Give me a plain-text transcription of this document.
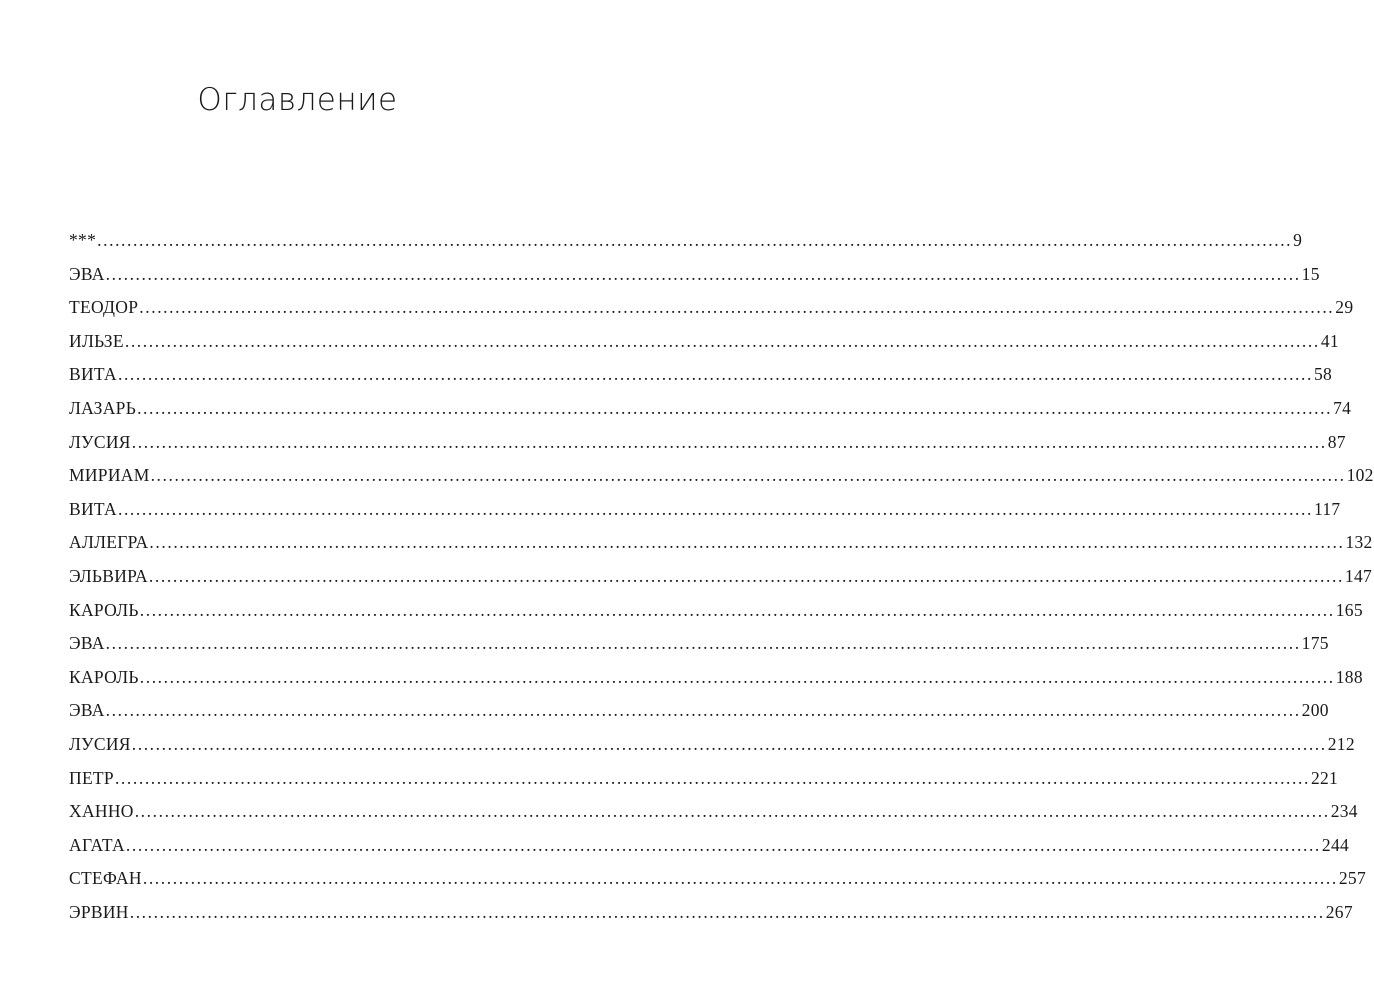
Оглавление
*** ........................................................................................................................................................................................................ 9
ЭВА ........................................................................................................................................................................................................ 15
ТЕОДОР ........................................................................................................................................................................................................ 29
ИЛЬЗЕ ........................................................................................................................................................................................................ 41
ВИТА ........................................................................................................................................................................................................ 58
ЛАЗАРЬ ........................................................................................................................................................................................................ 74
ЛУСИЯ ........................................................................................................................................................................................................ 87
МИРИАМ ........................................................................................................................................................................................................ 102
ВИТА ........................................................................................................................................................................................................ 117
АЛЛЕГРА ........................................................................................................................................................................................................ 132
ЭЛЬВИРА ........................................................................................................................................................................................................ 147
КАРОЛЬ ........................................................................................................................................................................................................ 165
ЭВА ........................................................................................................................................................................................................ 175
КАРОЛЬ ........................................................................................................................................................................................................ 188
ЭВА ........................................................................................................................................................................................................ 200
ЛУСИЯ ........................................................................................................................................................................................................ 212
ПЕТР ........................................................................................................................................................................................................ 221
ХАННО ........................................................................................................................................................................................................ 234
АГАТА ........................................................................................................................................................................................................ 244
СТЕФАН ........................................................................................................................................................................................................ 257
ЭРВИН ........................................................................................................................................................................................................ 267
